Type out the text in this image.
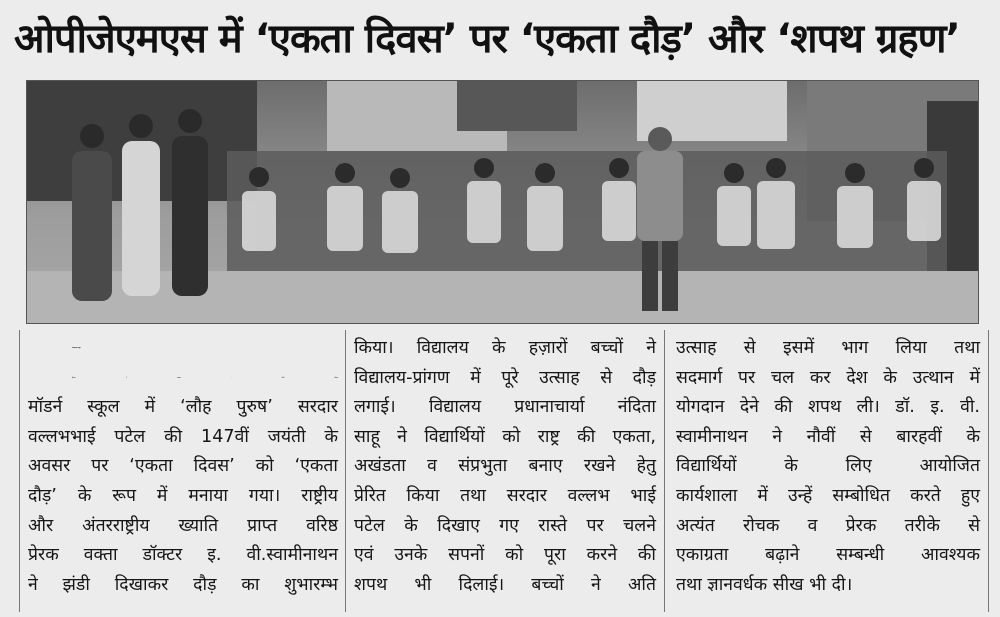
ओपीजेएमएस में ‘एकता दिवस’ पर ‘एकता दौड़’ और ‘शपथ ग्रहण’

पाठकपक्ष न्यूज

हिसार, 1 नवम्बर : ओपी जिंदल

मॉडर्न स्कूल में ‘लौह पुरुष’ सरदार

वल्लभभाई पटेल की 147वीं जयंती के

अवसर पर ‘एकता दिवस’ को ‘एकता

दौड़’ के रूप में मनाया गया। राष्ट्रीय

और अंतरराष्ट्रीय ख्याति प्राप्त वरिष्ठ

प्रेरक वक्ता डॉक्टर इ. वी.स्वामीनाथन

ने झंडी दिखाकर दौड़ का शुभारम्भ

किया। विद्यालय के हज़ारों बच्चों ने

विद्यालय-प्रांगण में पूरे उत्साह से दौड़

लगाई। विद्यालय प्रधानाचार्या नंदिता

साहू ने विद्यार्थियों को राष्ट्र की एकता,

अखंडता व संप्रभुता बनाए रखने हेतु

प्रेरित किया तथा सरदार वल्लभ भाई

पटेल के दिखाए गए रास्ते पर चलने

एवं उनके सपनों को पूरा करने की

शपथ भी दिलाई। बच्चों ने अति

उत्साह से इसमें भाग लिया तथा

सदमार्ग पर चल कर देश के उत्थान में

योगदान देने की शपथ ली। डॉ. इ. वी.

स्वामीनाथन ने नौवीं से बारहवीं के

विद्यार्थियों के लिए आयोजित

कार्यशाला में उन्हें सम्बोधित करते हुए

अत्यंत रोचक व प्रेरक तरीके से

एकाग्रता बढ़ाने सम्बन्धी आवश्यक

तथा ज्ञानवर्धक सीख भी दी।
